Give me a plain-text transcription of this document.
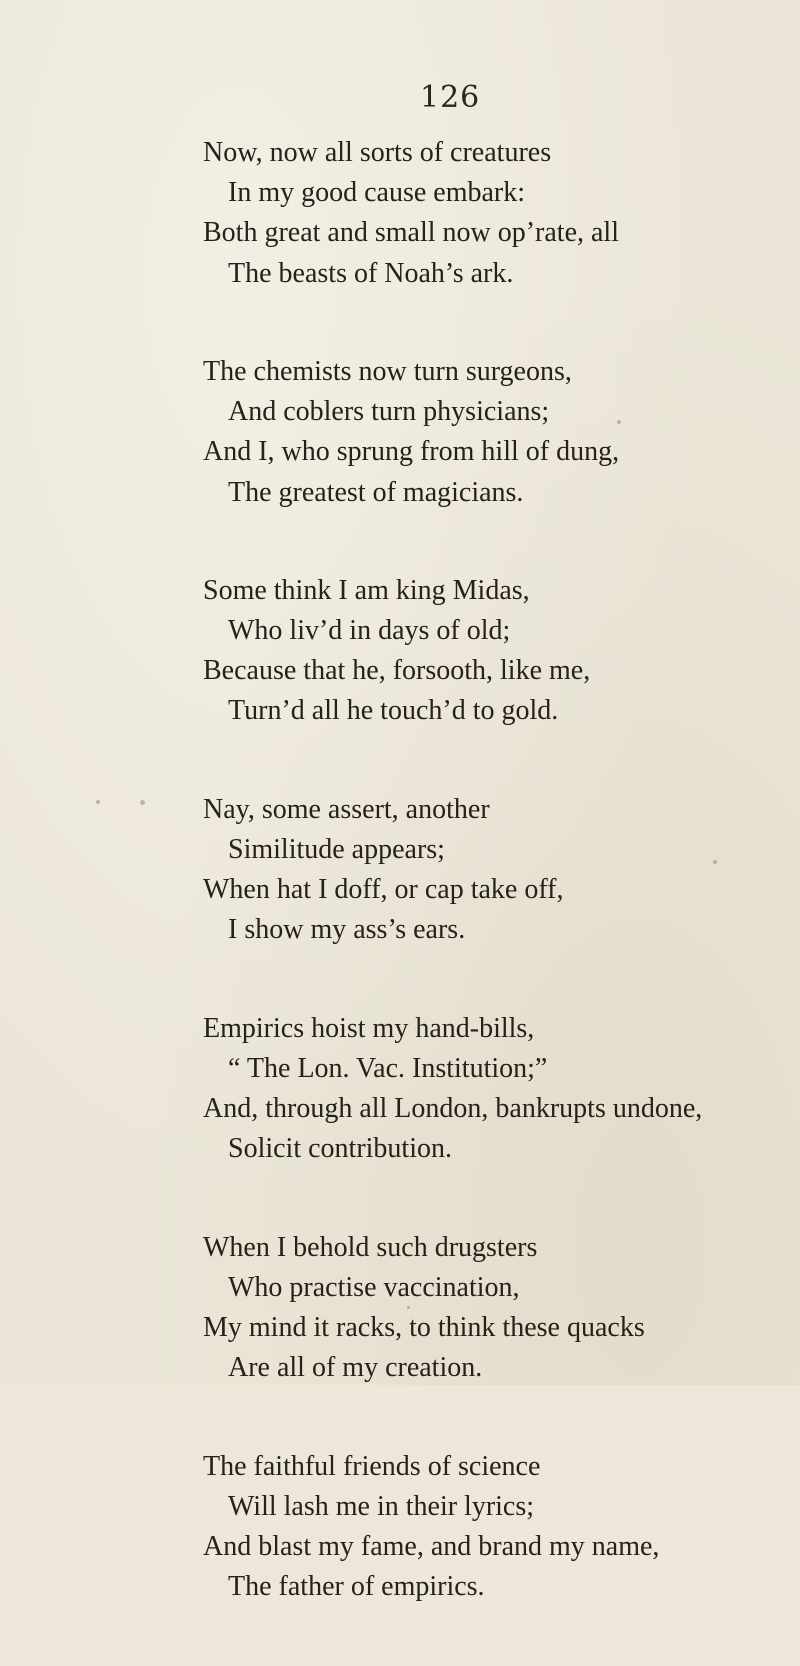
126
Now, now all sorts of creatures
In my good cause embark:
Both great and small now op’rate, all
The beasts of Noah’s ark.
The chemists now turn surgeons,
And coblers turn physicians;
And I, who sprung from hill of dung,
The greatest of magicians.
Some think I am king Midas,
Who liv’d in days of old;
Because that he, forsooth, like me,
Turn’d all he touch’d to gold.
Nay, some assert, another
Similitude appears;
When hat I doff, or cap take off,
I show my ass’s ears.
Empirics hoist my hand-bills,
“ The Lon. Vac. Institution;”
And, through all London, bankrupts undone,
Solicit contribution.
When I behold such drugsters
Who practise vaccination,
My mind it racks, to think these quacks
Are all of my creation.
The faithful friends of science
Will lash me in their lyrics;
And blast my fame, and brand my name,
The father of empirics.
